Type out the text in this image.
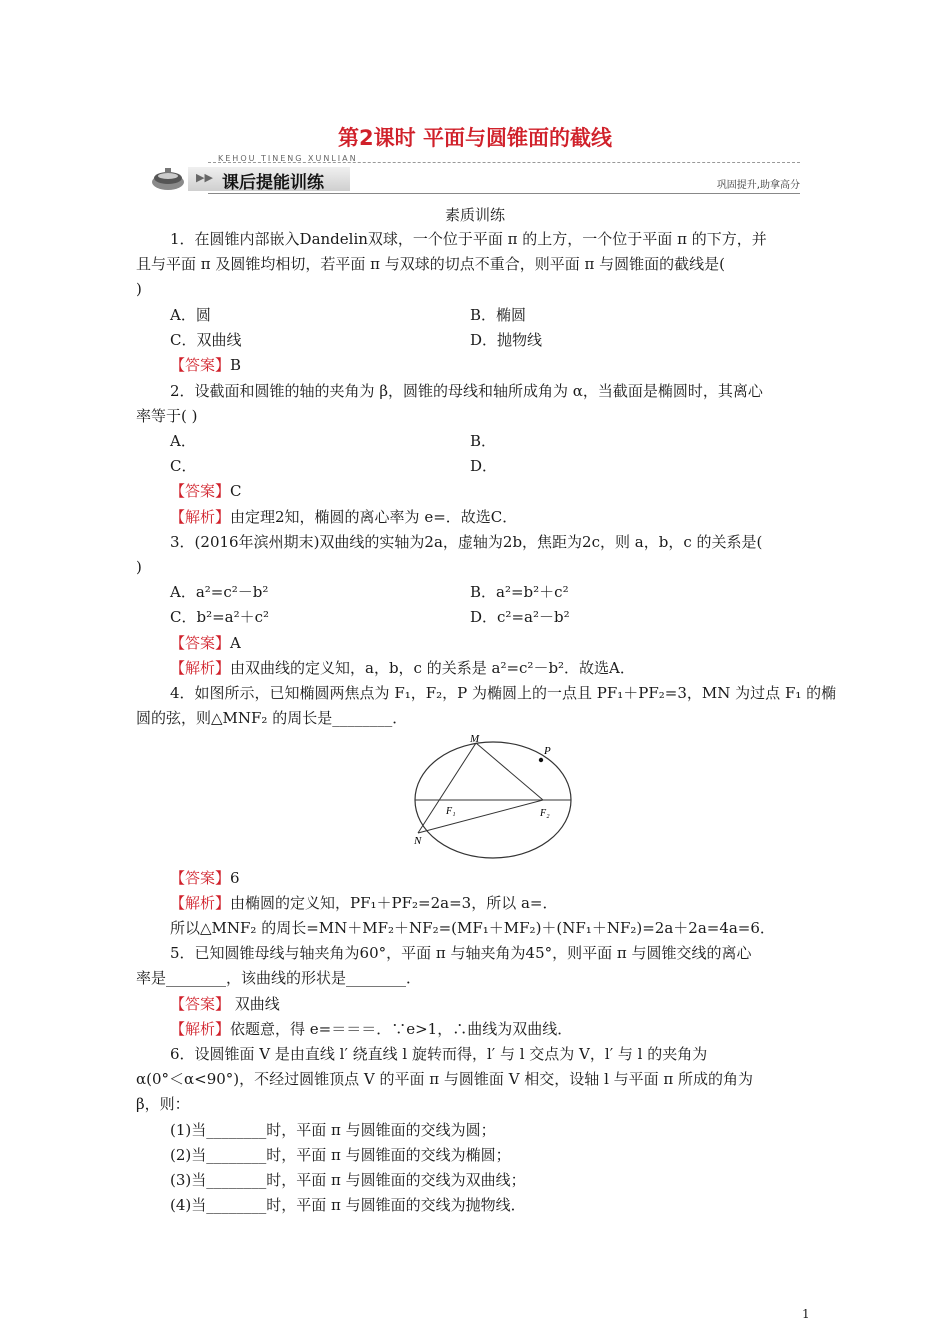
第2课时 平面与圆锥面的截线
KEHOU TINENG XUNLIAN
▶▶ 课后提能训练	巩固提升,助拿高分
素质训练
1．在圆锥内部嵌入Dandelin双球，一个位于平面 π 的上方，一个位于平面 π 的下方，并
且与平面 π 及圆锥均相切，若平面 π 与双球的切点不重合，则平面 π 与圆锥面的截线是(
)
A．圆	B．椭圆
C．双曲线	D．抛物线
【答案】B
2．设截面和圆锥的轴的夹角为 β，圆锥的母线和轴所成角为 α，当截面是椭圆时，其离心
率等于( )
A．	B．
C．	D．
【答案】C
【解析】由定理2知，椭圆的离心率为 e=．故选C．
3．(2016年滨州期末)双曲线的实轴为2a，虚轴为2b，焦距为2c，则 a，b，c 的关系是(
)
A．a²=c²－b²	B．a²=b²＋c²
C．b²=a²＋c²	D．c²=a²－b²
【答案】A
【解析】由双曲线的定义知，a，b，c 的关系是 a²=c²－b²．故选A．
4．如图所示，已知椭圆两焦点为 F₁，F₂，P 为椭圆上的一点且 PF₁＋PF₂=3，MN 为过点 F₁ 的椭
圆的弦，则△MNF₂ 的周长是________．
M
P
F₁	F₂
N
【答案】6
【解析】由椭圆的定义知，PF₁＋PF₂=2a=3，所以 a=．
所以△MNF₂ 的周长=MN＋MF₂＋NF₂=(MF₁＋MF₂)＋(NF₁＋NF₂)=2a＋2a=4a=6．
5．已知圆锥母线与轴夹角为60°，平面 π 与轴夹角为45°，则平面 π 与圆锥交线的离心
率是________，该曲线的形状是________．
【答案】 双曲线
【解析】依题意，得 e=＝＝＝．∵e>1，∴曲线为双曲线．
6．设圆锥面 V 是由直线 l′ 绕直线 l 旋转而得，l′ 与 l 交点为 V，l′ 与 l 的夹角为
α(0°＜α<90°)，不经过圆锥顶点 V 的平面 π 与圆锥面 V 相交，设轴 l 与平面 π 所成的角为
β，则：
(1)当________时，平面 π 与圆锥面的交线为圆；
(2)当________时，平面 π 与圆锥面的交线为椭圆；
(3)当________时，平面 π 与圆锥面的交线为双曲线；
(4)当________时，平面 π 与圆锥面的交线为抛物线．
1
